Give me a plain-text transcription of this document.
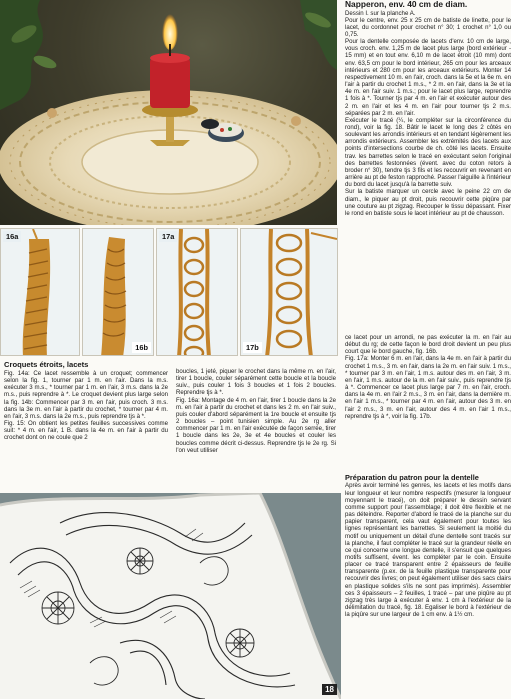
16a
16b
17a
17b

Napperon, env. 40 cm de diam.

Dessin I. sur la planche A.

Pour le centre, env. 25 x 25 cm de batiste de linette, pour le lacet, du cordonnet pour crochet n° 30; 1 crochet n° 1,0 ou 0,75.

Pour la dentelle composée de lacets d'env. 10 cm de large, vous croch. env. 1,25 m de lacet plus large (bord extérieur - 15 mm) et en tout env. 6,10 m de lacet étroit (10 mm) dont env. 63,5 cm pour le bord intérieur, 265 cm pour les arceaux intérieurs et 280 cm pour les arceaux extérieurs. Monter 14 respectivement 10 m. en l'air, croch. dans la 5e et la 6e m. en l'air à partir du crochet 1 m.s., * 2 m. en l'air, dans la 3e et la 4e m. en l'air suiv. 1 m.s.; pour le lacet plus large, reprendre 1 fois à *. Tourner tjs par 4 m. en l'air et exécuter autour des 2 m. en l'air et les 4 m. en l'air pour tourner tjs 2 m.s. séparées par 2 m. en l'air.

Exécuter le tracé (¼, le compléter sur la circonférence du rond), voir la fig. 18. Bâtir le lacet le long des 2 côtés en soulevant les arrondis intérieurs et en tendant légèrement les arrondis extérieurs. Assembler les extrémités des lacets aux points d'intersections courbe de ch. côté les lacets. Ensuite trav. les barrettes selon le tracé en exécutant selon l'original des barrettes festonnées (évent. avec du coton retors à broder n° 30), tendre tjs 3 fils et les recouvrir en revenant en arrière au pt de feston rapproché. Passer l'aiguille à l'intérieur du bord du lacet jusqu'à la barrette suiv.

Sur la batiste marquer un cercle avec le peine 22 cm de diam., le piquer au pt droit, puis recouvrir cette piqûre par une couture au pt zigzag. Recouper le tissu dépassant. Fixer le rond en batiste sous le lacet intérieur au pt de chausson.

Croquets étroits, lacets

Fig. 14a: Ce lacet ressemble à un croquet; commencer selon la fig. 1, tourner par 1 m. en l'air. Dans la m.s. exécuter 3 m.s., * tourner par 1 m. en l'air, 3 m.s. dans la 2e m.s., puis reprendre à *. Le croquet devient plus large selon la fig. 14b: Commencer par 3 m. en l'air, puis croch. 3 m.s. dans la 3e m. en l'air à partir du crochet, * tourner par 4 m. en l'air, 3 m.s. dans la 2e m.s., puis reprendre tjs à *.

Fig. 15: On obtient les petites feuilles successives comme suit: * 4 m. en l'air, 1 B. dans la 4e m. en l'air à partir du crochet dont on ne coule que 2

boucles, 1 jeté, piquer le crochet dans la même m. en l'air, tirer 1 boucle, couler séparément cette boucle et la boucle suiv., puis couler 1 fois 3 boucles et 1 fois 2 boucles. Reprendre tjs à *.

Fig. 16a: Montage de 4 m. en l'air, tirer 1 boucle dans la 2e m. en l'air à partir du crochet et dans les 2 m. en l'air suiv., puis couler d'abord séparément la 1re boucle et ensuite tjs 2 boucles – point tunisien simple. Au 2e rg aller commencer par 1 m. en l'air exécutée de façon serrée, tirer 1 boucle dans les 2e, 3e et 4e boucles et couler les boucles comme décrit ci-dessus. Reprendre tjs le 2e rg. Si l'on veut utiliser

ce lacet pour un arrondi, ne pas exécuter la m. en l'air au début du rg; de cette façon le bord droit devient un peu plus court que le bord gauche, fig. 16b.

Fig. 17a: Monter 6 m. en l'air, dans la 4e m. en l'air à partir du crochet 1 m.s., 3 m. en l'air, dans la 2e m. en l'air suiv. 1 m.s., * tourner par 3 m. en l'air, 1 m.s. autour des m. en l'air, 3 m. en l'air, 1 m.s. autour de la m. en l'air suiv., puis reprendre tjs à *. Commencer ce lacet plus large par 7 m. en l'air, croch. dans la 4e m. en l'air 2 m.s., 3 m. en l'air, dans la dernière m. en l'air 1 m.s., * tourner par 4 m. en l'air, autour des 3 m. en l'air 2 m.s., 3 m. en l'air, autour des 4 m. en l'air 1 m.s., reprendre tjs à *, voir la fig. 17b.

Préparation du patron pour la dentelle

Après avoir terminé les genres, les lacets et les motifs dans leur longueur et leur nombre respectifs (mesurer la longueur moyennant le tracé), on doit préparer le dessin servant comme support pour l'assemblage; il doit être flexible et ne pas déteindre. Reporter d'abord le tracé de la planche sur du papier transparent, cela vaut également pour toutes les lignes représentant les barrettes. Si seulement la moitié du motif ou uniquement un détail d'une dentelle sont tracés sur la planche, il faut compléter le tracé sur la grandeur réelle en ce qui concerne une longue dentelle, il s'ensuit que quelques motifs suffisent, évent. les compléter par le coin. Ensuite placer ce tracé transparent entre 2 épaisseurs de feuille transparente (p.ex. de la feuille plastique transparente pour recouvrir des livres; on peut également utiliser des sacs clairs en plastique solides s'ils ne sont pas imprimés). Assembler ces 3 épaisseurs – 2 feuilles, 1 tracé – par une piqûre au pt zigzag très large à exécuter à env. 1 cm à l'extérieur de la délimitation du tracé, fig. 18. Egaliser le bord à l'extérieur de la piqûre sur une largeur de 1 cm env. à 1½ cm.

18
